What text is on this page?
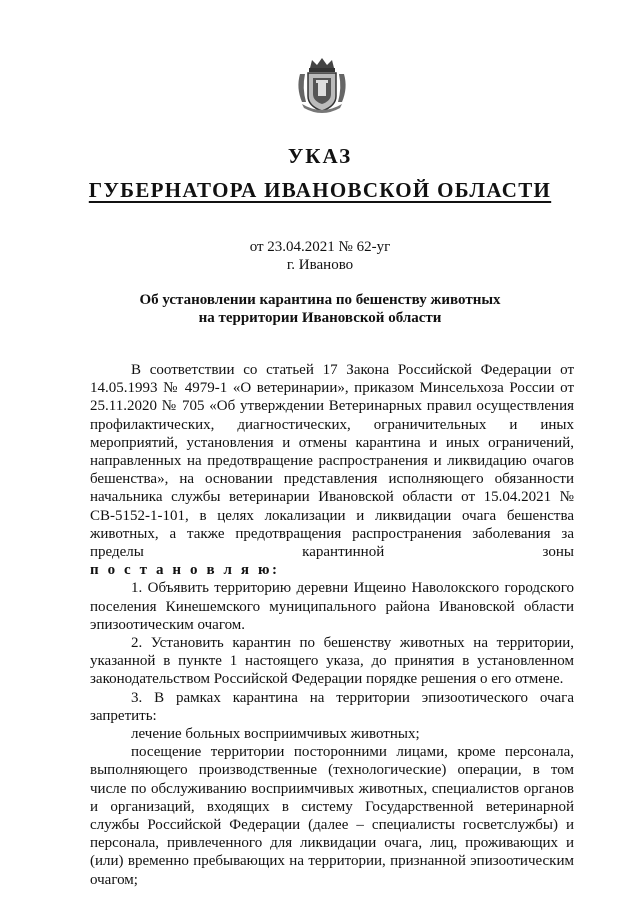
УКАЗ
ГУБЕРНАТОРА ИВАНОВСКОЙ ОБЛАСТИ
от 23.04.2021 № 62-уг
г. Иваново
Об установлении карантина по бешенству животных
на территории Ивановской области

В соответствии со статьей 17 Закона Российской Федерации от 14.05.1993 № 4979-1 «О ветеринарии», приказом Минсельхоза России от 25.11.2020 № 705 «Об утверждении Ветеринарных правил осуществления профилактических, диагностических, ограничительных и иных мероприятий, установления и отмены карантина и иных ограничений, направленных на предотвращение распространения и ликвидацию очагов бешенства», на основании представления исполняющего обязанности начальника службы ветеринарии Ивановской области от 15.04.2021 № СВ-5152-1-101, в целях локализации и ликвидации очага бешенства животных, а также предотвращения распространения заболевания за пределы карантинной зоны

п о с т а н о в л я ю:

1. Объявить территорию деревни Ищеино Наволокского городского поселения Кинешемского муниципального района Ивановской области эпизоотическим очагом.

2. Установить карантин по бешенству животных на территории, указанной в пункте 1 настоящего указа, до принятия в установленном законодательством Российской Федерации порядке решения о его отмене.

3. В рамках карантина на территории эпизоотического очага запретить:

лечение больных восприимчивых животных;

посещение территории посторонними лицами, кроме персонала, выполняющего производственные (технологические) операции, в том числе по обслуживанию восприимчивых животных, специалистов органов и организаций, входящих в систему Государственной ветеринарной службы Российской Федерации (далее – специалисты госветслужбы) и персонала, привлеченного для ликвидации очага, лиц, проживающих и (или) временно пребывающих на территории, признанной эпизоотическим очагом;
